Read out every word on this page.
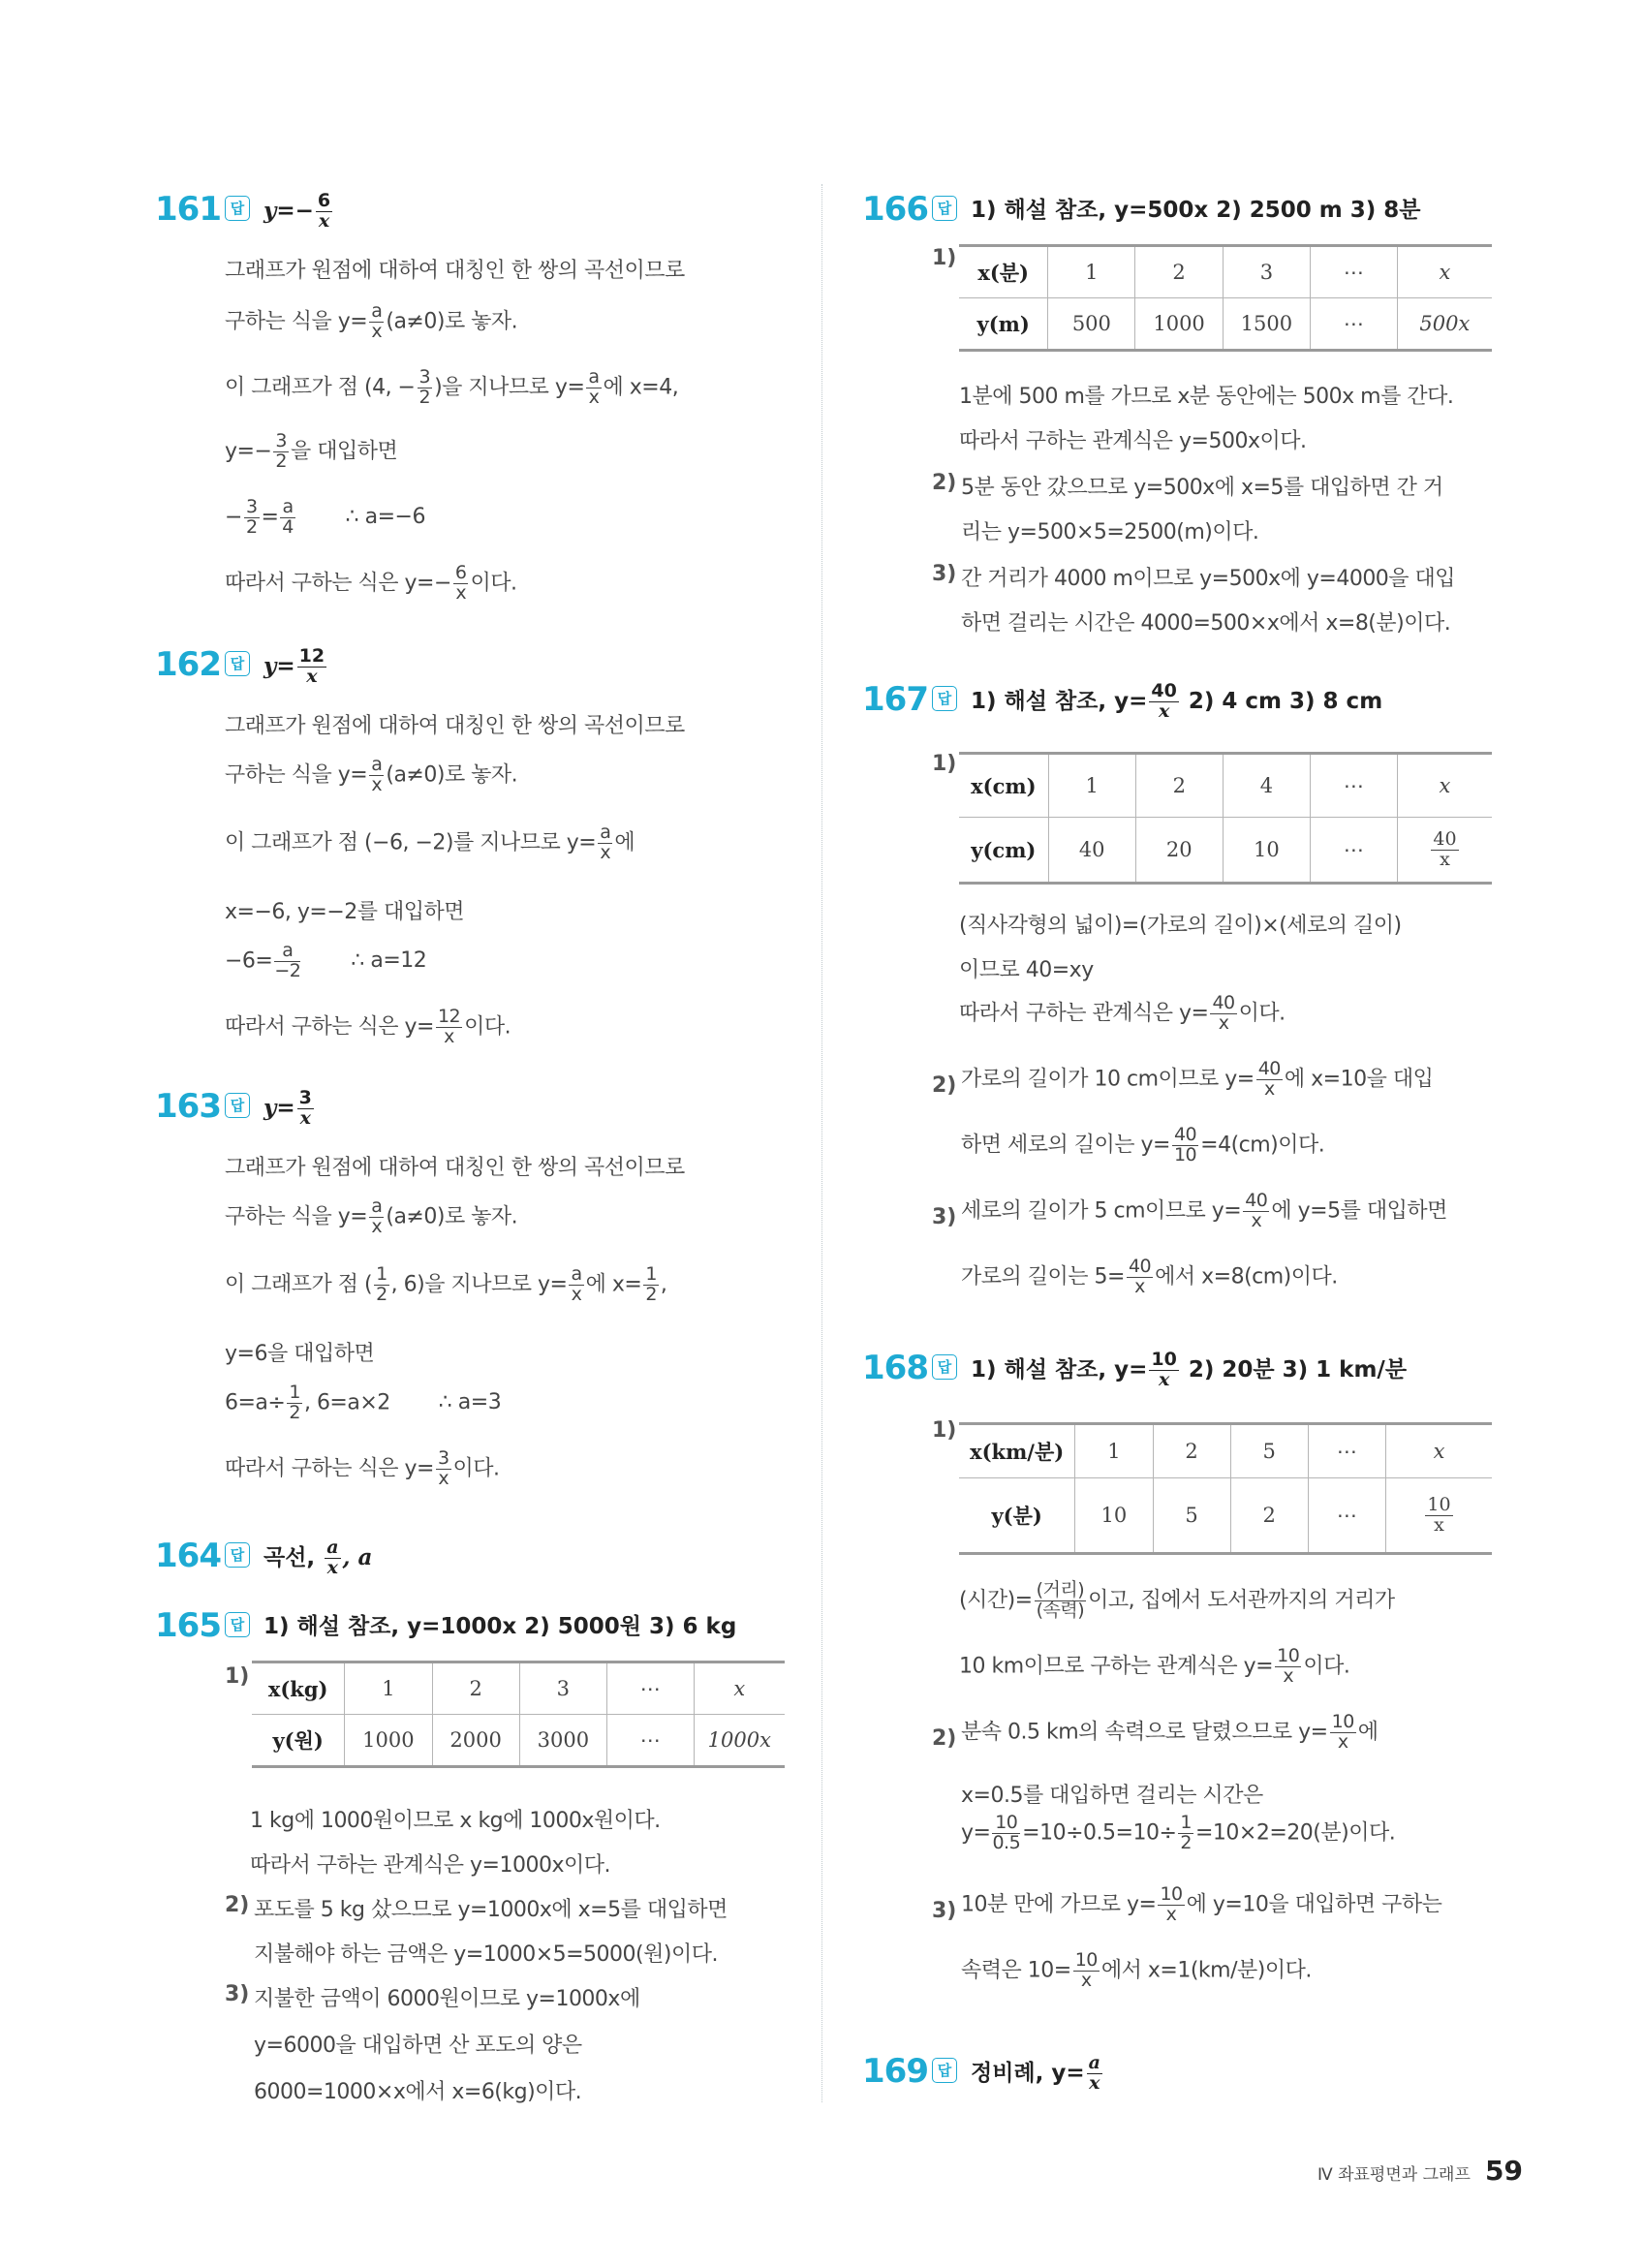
161 답 $y=- \frac{6}{x}$
그래프가 원점에 대하여 대칭인 한 쌍의 곡선이므로
구하는 식을 $y= \frac{a}{x} (a\ne 0)$로 놓자.
이 그래프가 점 (4, − $\frac{3}{2}$ )을 지나므로 $y= \frac{a}{x}$ 에 x=4,
$y=- \frac{3}{2}$ 을 대입하면
− $\frac{3}{2} = \frac{a}{4}$ ∴ a=−6
따라서 구하는 식은 $y=- \frac{6}{x}$ 이다.
162 답 $y= \frac{12}{x}$
그래프가 원점에 대하여 대칭인 한 쌍의 곡선이므로
구하는 식을 $y= \frac{a}{x} (a\ne 0)$로 놓자.
이 그래프가 점 (−6, −2)를 지나므로 $y= \frac{a}{x}$ 에
x=−6, y=−2를 대입하면
$-6= \frac{a}{-2}$ ∴ a=12
따라서 구하는 식은 $y= \frac{12}{x}$ 이다.
163 답 $y= \frac{3}{x}$
그래프가 원점에 대하여 대칭인 한 쌍의 곡선이므로
구하는 식을 $y= \frac{a}{x} (a\ne 0)$로 놓자.
이 그래프가 점 ( $\frac{1}{2}$ , 6)을 지나므로 $y= \frac{a}{x}$ 에 $x= \frac{1}{2}$ ,
y=6을 대입하면
$6=a\div \frac{1}{2}$ , 6=a×2 ∴ a=3
따라서 구하는 식은 $y= \frac{3}{x}$ 이다.
164 답 곡선, $\frac{a}{x}$ , a
165 답 1) 해설 참조, y=1000x 2) 5000원 3) 6 kg
1) x(kg)	1	2	3	⋯	x
y(원)	1000	2000	3000	⋯	1000x
1 kg에 1000원이므로 x kg에 1000x원이다.
따라서 구하는 관계식은 y=1000x이다.
2) 포도를 5 kg 샀으므로 y=1000x에 x=5를 대입하면
지불해야 하는 금액은 y=1000×5=5000(원)이다.
3) 지불한 금액이 6000원이므로 y=1000x에
y=6000을 대입하면 산 포도의 양은
6000=1000×x에서 x=6(kg)이다.
166 답 1) 해설 참조, y=500x 2) 2500 m 3) 8분
1)
x(분)	1	2	3	⋯	x
y(m)	500	1000	1500	⋯	500x
1분에 500 m를 가므로 x분 동안에는 500x m를 간다.
따라서 구하는 관계식은 y=500x이다.
2) 5분 동안 갔으므로 y=500x에 x=5를 대입하면 간 거
리는 y=500×5=2500(m)이다.
3) 간 거리가 4000 m이므로 y=500x에 y=4000을 대입
하면 걸리는 시간은 4000=500×x에서 x=8(분)이다.
167 답 1) 해설 참조, $y= \frac{40}{x} 2$) 4 cm 3) 8 cm
1)
x(cm)	1	2	4	⋯	x
y(cm)	40	20	10	⋯	$\frac{40}{x}$
(직사각형의 넓이)=(가로의 길이)×(세로의 길이)
이므로 40=xy
따라서 구하는 관계식은 $y= \frac{40}{x}$ 이다.
2) 가로의 길이가 10 cm이므로 $y= \frac{40}{x}$ 에 x=10을 대입
하면 세로의 길이는 $y= \frac{40}{10} =4(cm)$이다.
3) 세로의 길이가 5 cm이므로 $y= \frac{40}{x}$ 에 y=5를 대입하면
가로의 길이는 $5= \frac{40}{x}$ 에서 x=8(cm)이다.
168 답 1) 해설 참조, $y= \frac{10}{x} 2$) 20분 3) 1 km/분
1)
x(km/분)	1	2	5	⋯	x
y(분)	10	5	2	⋯	$\frac{10}{x}$
(시간)= $\frac{\text{(거리)}}{\text{(속력)}}$ 이고, 집에서 도서관까지의 거리가
10 km이므로 구하는 관계식은 $y= \frac{10}{x}$ 이다.
2) 분속 0.5 km의 속력으로 달렸으므로 $y= \frac{10}{x}$ 에
x=0.5를 대입하면 걸리는 시간은
$y= \frac{10}{0.5} =10\div 0.5=10\div \frac{1}{2} =10\times 2=20$(분)이다.
3) 10분 만에 가므로 $y= \frac{10}{x}$ 에 y=10을 대입하면 구하는
속력은 $10= \frac{10}{x}$ 에서 x=1(km/분)이다.
169 답 정비례, $y= \frac{a}{x}$
Ⅳ 좌표평면과 그래프 59
